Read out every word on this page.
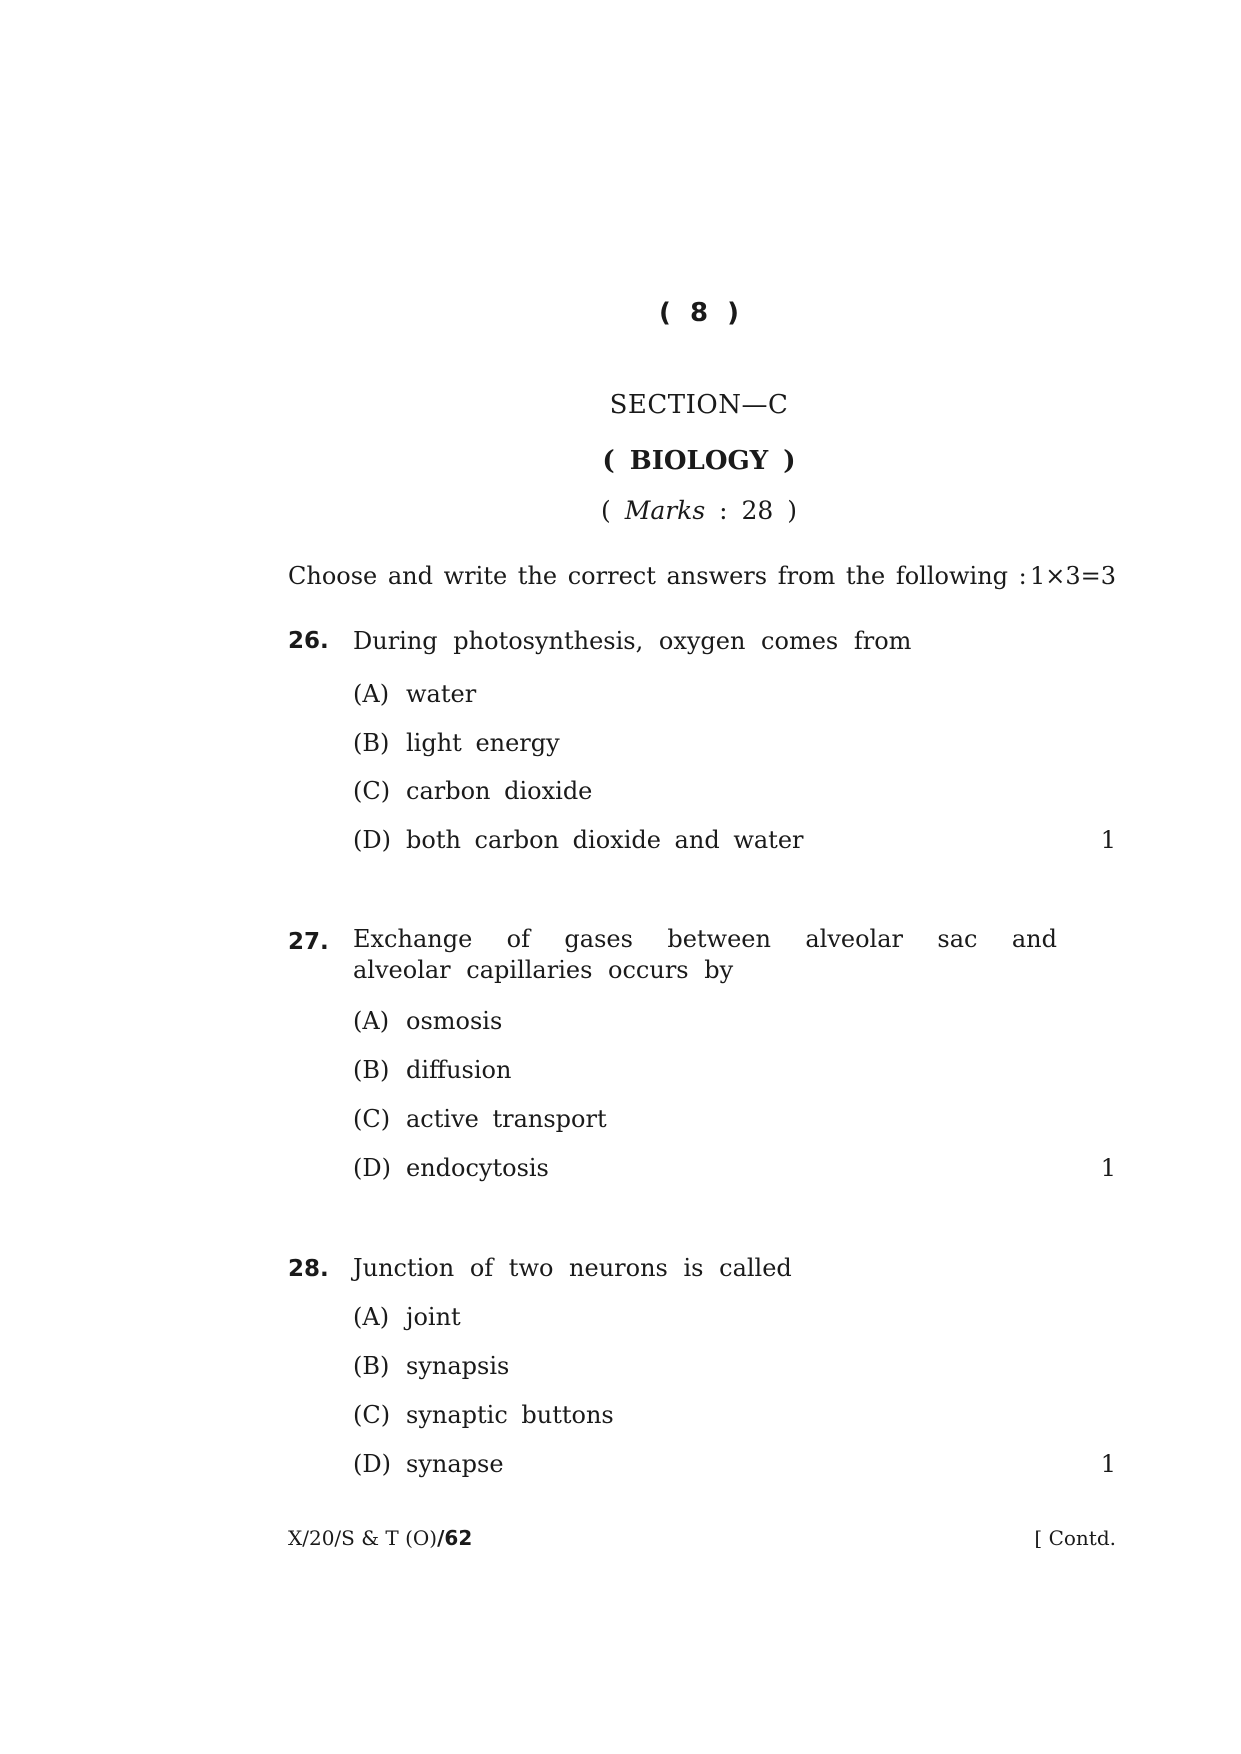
( 8 )
SECTION—C
( BIOLOGY )
( Marks : 28 )
Choose and write the correct answers from the following : 1×3=3
26. During photosynthesis, oxygen comes from
(A) water
(B) light energy
(C) carbon dioxide
(D) both carbon dioxide and water	1
27. Exchange of gases between alveolar sac and alveolar capillaries occurs by
(A) osmosis
(B) diffusion
(C) active transport
(D) endocytosis	1
28. Junction of two neurons is called
(A) joint
(B) synapsis
(C) synaptic buttons
(D) synapse	1
X/20/S & T (O)/62	[ Contd.
